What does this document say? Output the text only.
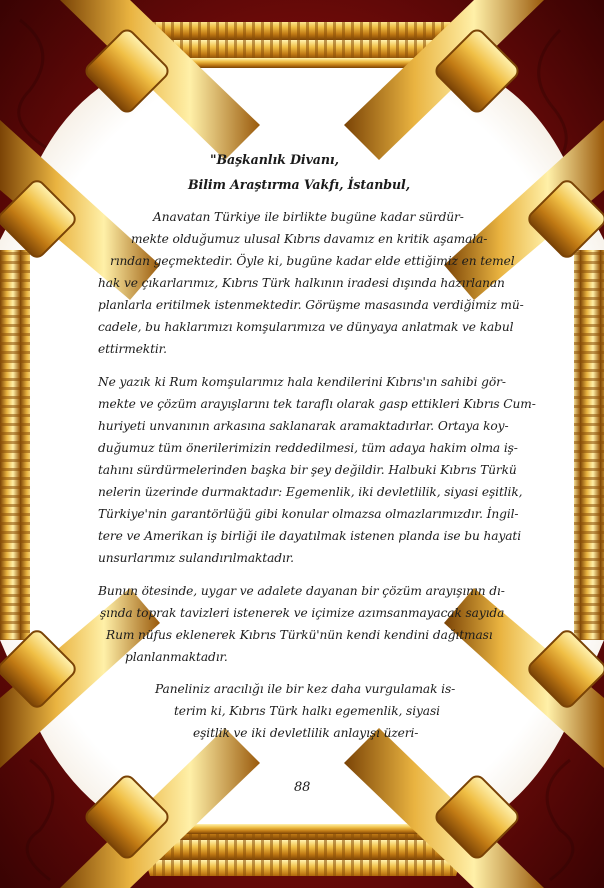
"Başkanlık Divanı,
Bilim Araştırma Vakfı, İstanbul,
Anavatan Türkiye ile birlikte bugüne kadar sürdür-
mekte olduğumuz ulusal Kıbrıs davamız en kritik aşamala-
rından geçmektedir. Öyle ki, bugüne kadar elde ettiğimiz en temel
hak ve çıkarlarımız, Kıbrıs Türk halkının iradesi dışında hazırlanan
planlarla eritilmek istenmektedir. Görüşme masasında verdiğimiz mü-
cadele, bu haklarımızı komşularımıza ve dünyaya anlatmak ve kabul
ettirmektir.
Ne yazık ki Rum komşularımız hala kendilerini Kıbrıs'ın sahibi gör-
mekte ve çözüm arayışlarını tek taraflı olarak gasp ettikleri Kıbrıs Cum-
huriyeti unvanının arkasına saklanarak aramaktadırlar. Ortaya koy-
duğumuz tüm önerilerimizin reddedilmesi, tüm adaya hakim olma iş-
tahını sürdürmelerinden başka bir şey değildir. Halbuki Kıbrıs Türkü
nelerin üzerinde durmaktadır: Egemenlik, iki devletlilik, siyasi eşitlik,
Türkiye'nin garantörlüğü gibi konular olmazsa olmazlarımızdır. İngil-
tere ve Amerikan iş birliği ile dayatılmak istenen planda ise bu hayati
unsurlarımız sulandırılmaktadır.
Bunun ötesinde, uygar ve adalete dayanan bir çözüm arayışının dı-
şında toprak tavizleri istenerek ve içimize azımsanmayacak sayıda
Rum nüfus eklenerek Kıbrıs Türkü'nün kendi kendini dağıtması
planlanmaktadır.
Paneliniz aracılığı ile bir kez daha vurgulamak is-
terim ki, Kıbrıs Türk halkı egemenlik, siyasi
eşitlik ve iki devletlilik anlayışı üzeri-
88
